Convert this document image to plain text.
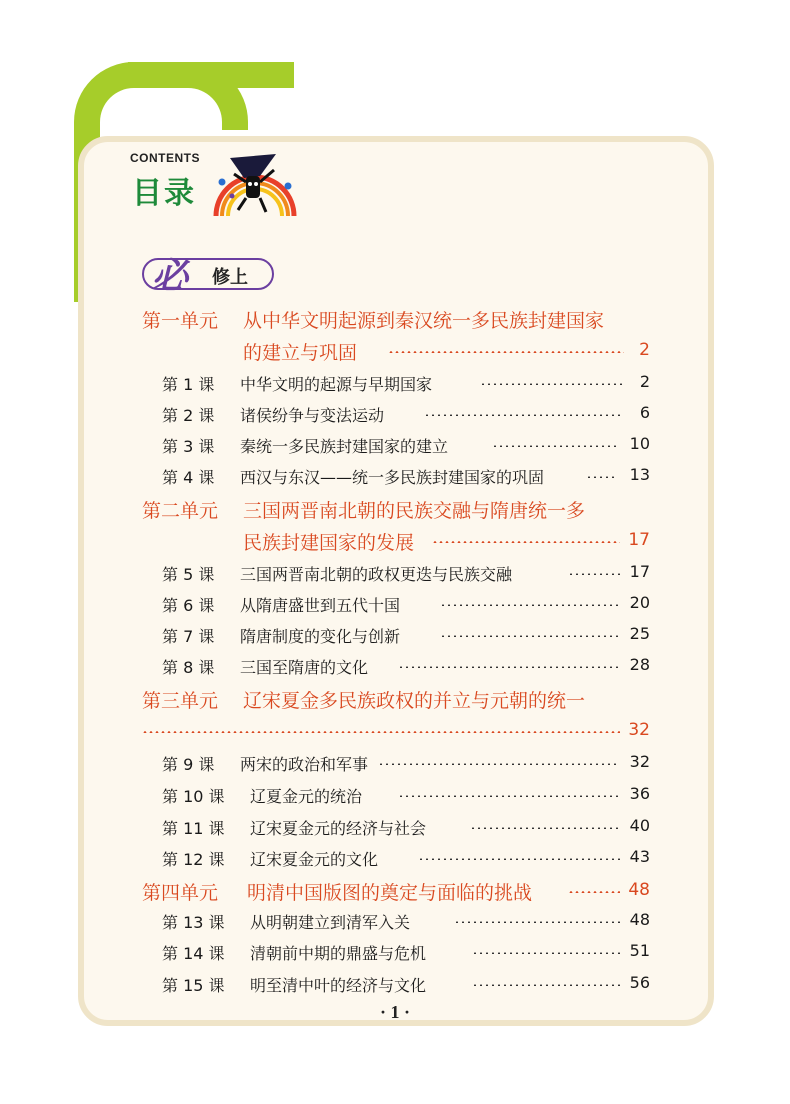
CONTENTS
目录
必 修上
第一单元 从中华文明起源到秦汉统一多民族封建国家
的建立与巩固	2
第 1 课 中华文明的起源与早期国家	2
第 2 课 诸侯纷争与变法运动	6
第 3 课 秦统一多民族封建国家的建立	10
第 4 课 西汉与东汉——统一多民族封建国家的巩固	13
第二单元 三国两晋南北朝的民族交融与隋唐统一多
民族封建国家的发展	17
第 5 课 三国两晋南北朝的政权更迭与民族交融	17
第 6 课 从隋唐盛世到五代十国	20
第 7 课 隋唐制度的变化与创新	25
第 8 课 三国至隋唐的文化	28
第三单元 辽宋夏金多民族政权的并立与元朝的统一
32
第 9 课 两宋的政治和军事	32
第 10 课 辽夏金元的统治	36
第 11 课 辽宋夏金元的经济与社会	40
第 12 课 辽宋夏金元的文化	43
第四单元 明清中国版图的奠定与面临的挑战	48
第 13 课 从明朝建立到清军入关	48
第 14 课 清朝前中期的鼎盛与危机	51
第 15 课 明至清中叶的经济与文化	56
· 1 ·
